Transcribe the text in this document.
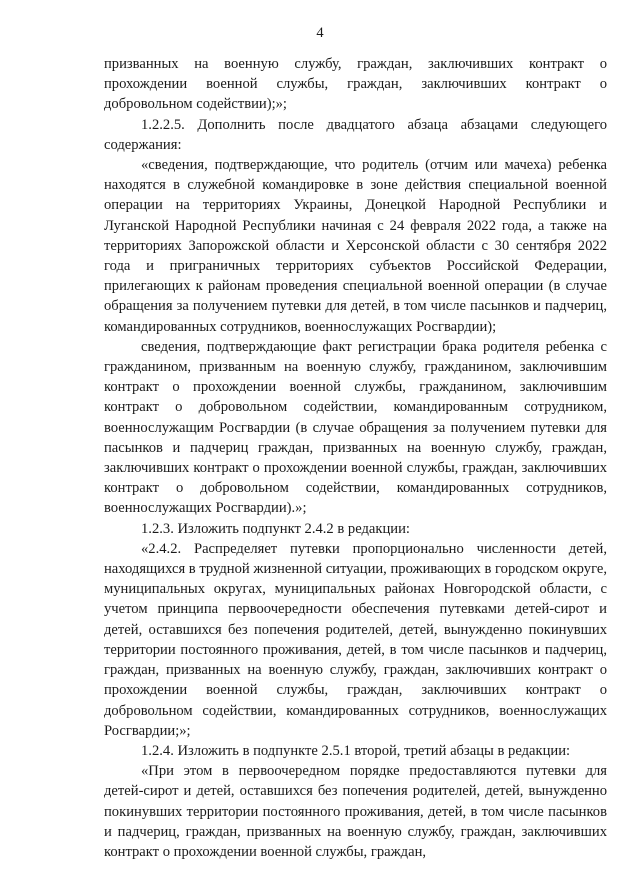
4

призванных на военную службу, граждан, заключивших контракт о прохождении военной службы, граждан, заключивших контракт о добровольном содействии);»;

1.2.2.5. Дополнить после двадцатого абзаца абзацами следующего содержания:

«сведения, подтверждающие, что родитель (отчим или мачеха) ребенка находятся в служебной командировке в зоне действия специальной военной операции на территориях Украины, Донецкой Народной Республики и Луганской Народной Республики начиная с 24 февраля 2022 года, а также на территориях Запорожской области и Херсонской области с 30 сентября 2022 года и приграничных территориях субъектов Российской Федерации, прилегающих к районам проведения специальной военной операции (в случае обращения за получением путевки для детей, в том числе пасынков и падчериц, командированных сотрудников, военнослужащих Росгвардии);

сведения, подтверждающие факт регистрации брака родителя ребенка с гражданином, призванным на военную службу, гражданином, заключившим контракт о прохождении военной службы, гражданином, заключившим контракт о добровольном содействии, командированным сотрудником, военнослужащим Росгвардии (в случае обращения за получением путевки для пасынков и падчериц граждан, призванных на военную службу, граждан, заключивших контракт о прохождении военной службы, граждан, заключивших контракт о добровольном содействии, командированных сотрудников, военнослужащих Росгвардии).»;

1.2.3. Изложить подпункт 2.4.2 в редакции:

«2.4.2. Распределяет путевки пропорционально численности детей, находящихся в трудной жизненной ситуации, проживающих в городском округе, муниципальных округах, муниципальных районах Новгородской области, с учетом принципа первоочередности обеспечения путевками детей-сирот и детей, оставшихся без попечения родителей, детей, вынужденно покинувших территории постоянного проживания, детей, в том числе пасынков и падчериц, граждан, призванных на военную службу, граждан, заключивших контракт о прохождении военной службы, граждан, заключивших контракт о добровольном содействии, командированных сотрудников, военнослужащих Росгвардии;»;

1.2.4. Изложить в подпункте 2.5.1 второй, третий абзацы в редакции:

«При этом в первоочередном порядке предоставляются путевки для детей-сирот и детей, оставшихся без попечения родителей, детей, вынужденно покинувших территории постоянного проживания, детей, в том числе пасынков и падчериц, граждан, призванных на военную службу, граждан, заключивших контракт о прохождении военной службы, граждан,
